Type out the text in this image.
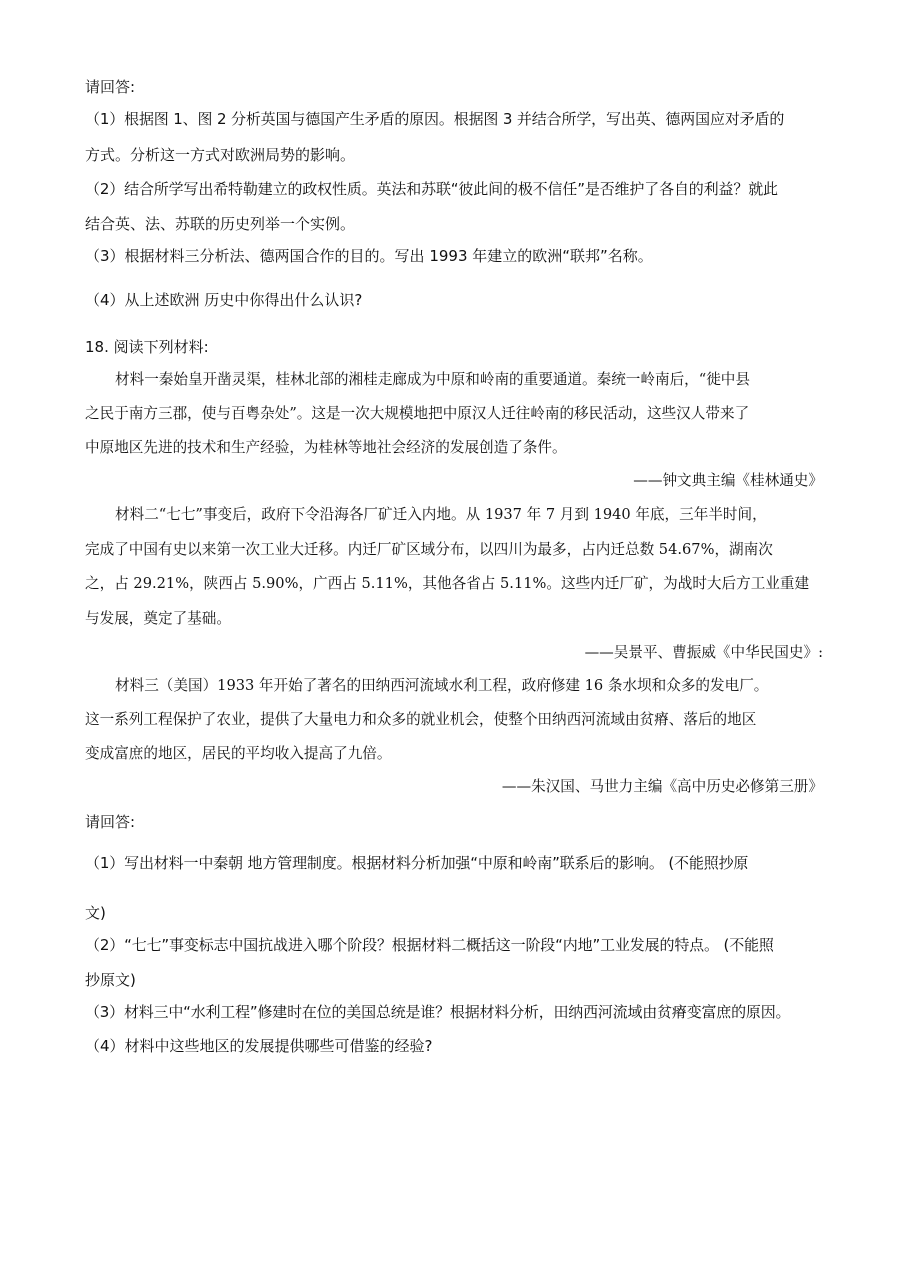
请回答:
（1）根据图 1、图 2 分析英国与德国产生矛盾的原因。根据图 3 并结合所学，写出英、德两国应对矛盾的
方式。分析这一方式对欧洲局势的影响。
（2）结合所学写出希特勒建立的政权性质。英法和苏联“彼此间的极不信任”是否维护了各自的利益？就此
结合英、法、苏联的历史列举一个实例。
（3）根据材料三分析法、德两国合作的目的。写出 1993 年建立的欧洲“联邦”名称。
（4）从上述欧洲 历史中你得出什么认识?
18. 阅读下列材料:
材料一秦始皇开凿灵渠，桂林北部的湘桂走廊成为中原和岭南的重要通道。秦统一岭南后，“徙中县
之民于南方三郡，使与百粤杂处”。这是一次大规模地把中原汉人迁往岭南的移民活动，这些汉人带来了
中原地区先进的技术和生产经验，为桂林等地社会经济的发展创造了条件。
——钟文典主编《桂林通史》
材料二“七七”事变后，政府下令沿海各厂矿迁入内地。从 1937 年 7 月到 1940 年底，三年半时间，
完成了中国有史以来第一次工业大迁移。内迁厂矿区域分布，以四川为最多，占内迁总数 54.67%，湖南次
之，占 29.21%，陕西占 5.90%，广西占 5.11%，其他各省占 5.11%。这些内迁厂矿，为战时大后方工业重建
与发展，奠定了基础。
——吴景平、曹振威《中华民国史》:
材料三（美国）1933 年开始了著名的田纳西河流域水利工程，政府修建 16 条水坝和众多的发电厂。
这一系列工程保护了农业，提供了大量电力和众多的就业机会，使整个田纳西河流域由贫瘠、落后的地区
变成富庶的地区，居民的平均收入提高了九倍。
——朱汉国、马世力主编《高中历史必修第三册》
请回答:
（1）写出材料一中秦朝 地方管理制度。根据材料分析加强“中原和岭南”联系后的影响。 (不能照抄原
文)
（2）“七七”事变标志中国抗战进入哪个阶段？根据材料二概括这一阶段“内地”工业发展的特点。 (不能照
抄原文)
（3）材料三中“水利工程”修建时在位的美国总统是谁？根据材料分析，田纳西河流域由贫瘠变富庶的原因。
（4）材料中这些地区的发展提供哪些可借鉴的经验?
